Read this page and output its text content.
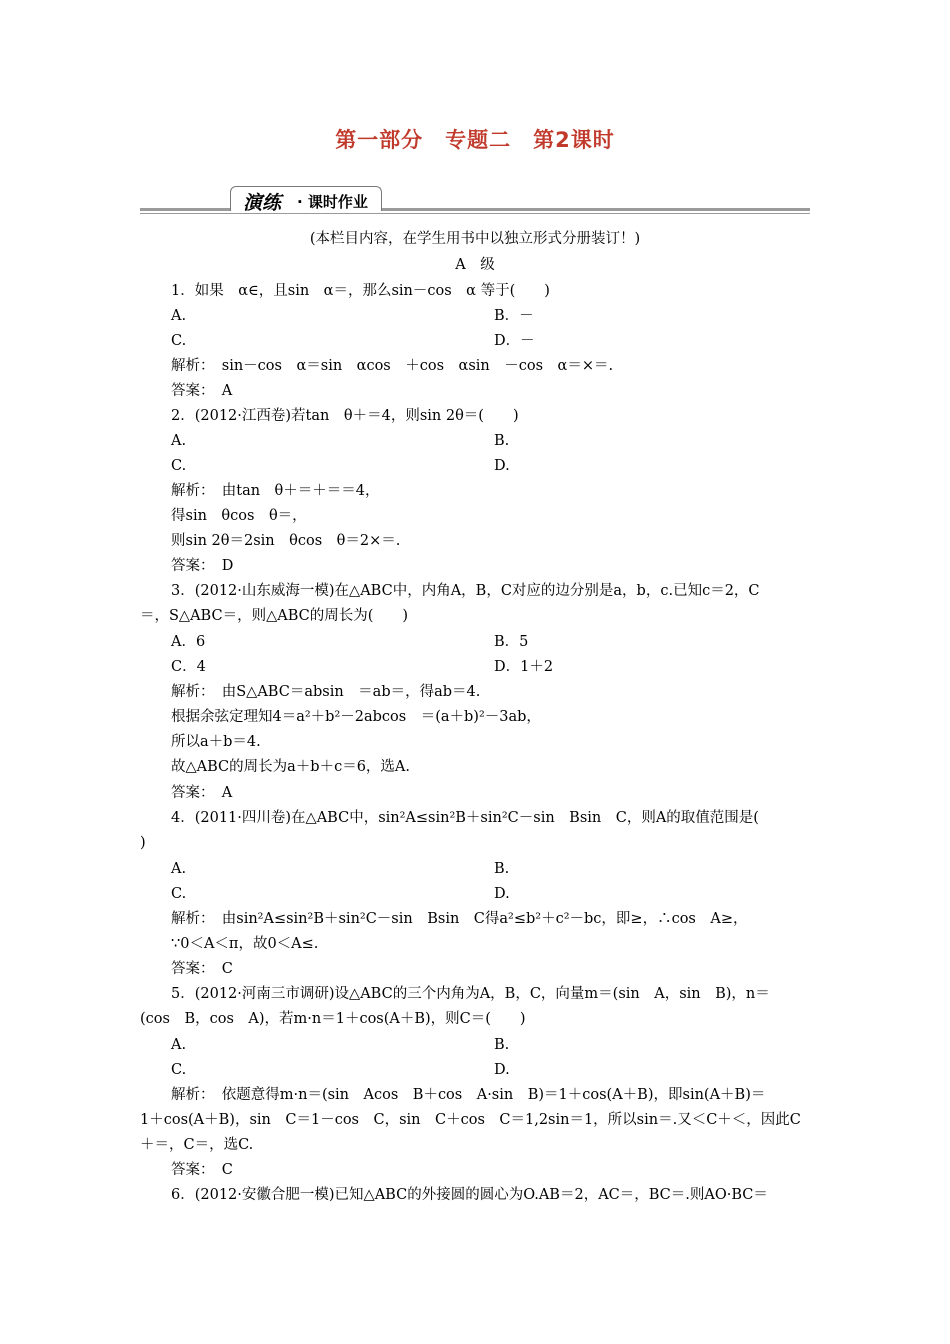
第一部分　专题二　第2课时
演练 · 课时作业
(本栏目内容，在学生用书中以独立形式分册装订！)
A　级
1．如果　α∈，且sin　α＝，那么sin－cos　α 等于(　　)
A.	B．－
C.	D．－
解析：　sin－cos　α＝sin　αcos　＋cos　αsin　－cos　α＝×＝.
答案：　A
2．(2012·江西卷)若tan　θ＋＝4，则sin 2θ＝(　　)
A.	B.
C.	D.
解析：　由tan　θ＋＝＋＝＝4，
得sin　θcos　θ＝，
则sin 2θ＝2sin　θcos　θ＝2×＝.
答案：　D
3．(2012·山东威海一模)在△ABC中，内角A，B，C对应的边分别是a，b，c.已知c＝2，C
＝，S△ABC＝，则△ABC的周长为(　　)
A．6	B．5
C．4	D．1＋2
解析：　由S△ABC＝absin　＝ab＝，得ab＝4.
根据余弦定理知4＝a²＋b²－2abcos　＝(a＋b)²－3ab，
所以a＋b＝4.
故△ABC的周长为a＋b＋c＝6，选A.
答案：　A
4．(2011·四川卷)在△ABC中，sin²A≤sin²B＋sin²C－sin　Bsin　C，则A的取值范围是(
)
A.	B.
C.	D.
解析：　由sin²A≤sin²B＋sin²C－sin　Bsin　C得a²≤b²＋c²－bc，即≥，∴cos　A≥，
∵0＜A＜π，故0＜A≤.
答案：　C
5．(2012·河南三市调研)设△ABC的三个内角为A，B，C，向量m＝(sin　A，sin　B)，n＝
(cos　B，cos　A)，若m·n＝1＋cos(A＋B)，则C＝(　　)
A.	B.
C.	D.
解析：　依题意得m·n＝(sin　Acos　B＋cos　A·sin　B)＝1＋cos(A＋B)，即sin(A＋B)＝
1＋cos(A＋B)，sin　C＝1－cos　C，sin　C＋cos　C＝1,2sin＝1，所以sin＝.又＜C＋＜，因此C
＋＝，C＝，选C.
答案：　C
6．(2012·安徽合肥一模)已知△ABC的外接圆的圆心为O.AB＝2，AC＝，BC＝.则AO·BC＝
